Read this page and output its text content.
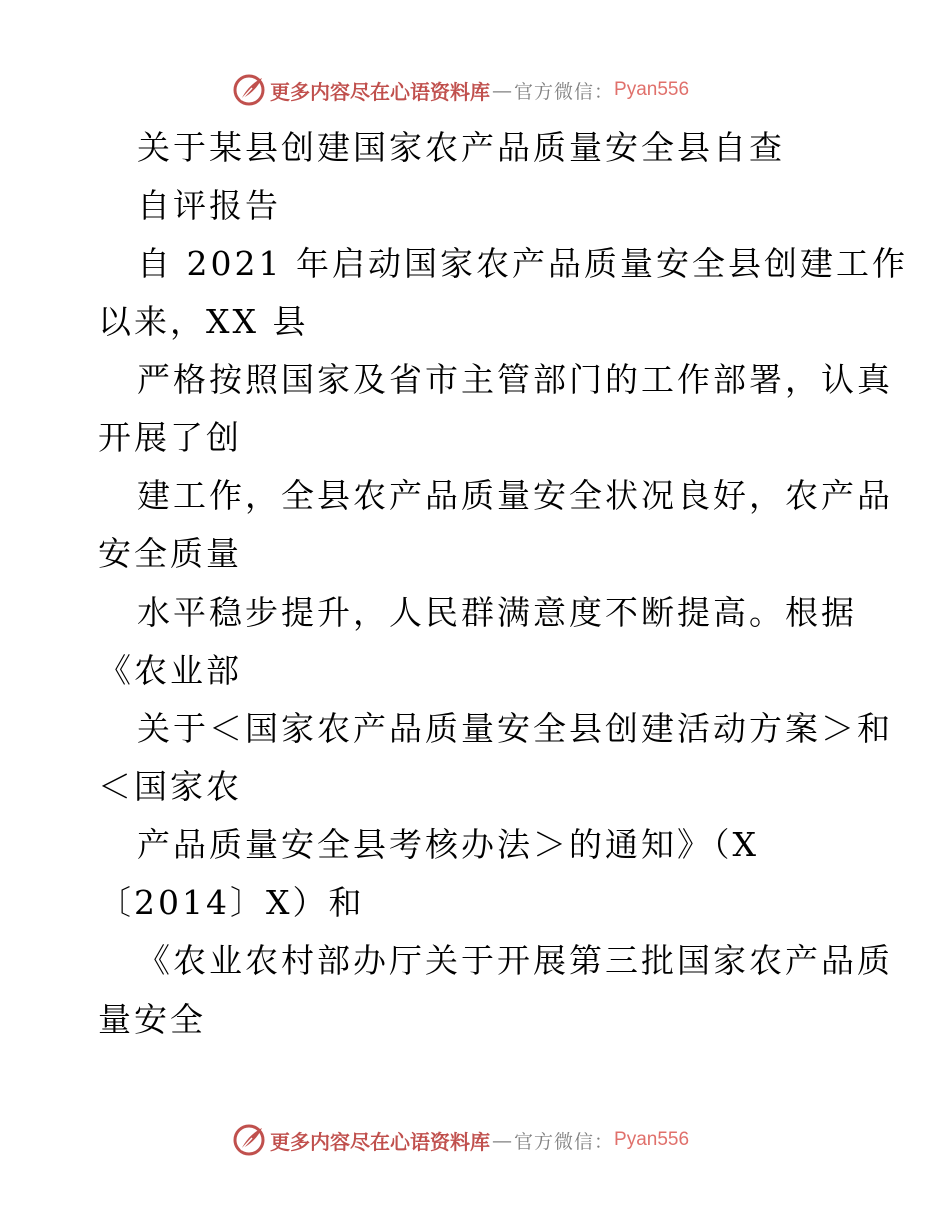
更多内容尽在心语资料库 — 官方微信： Pyan556
关于某县创建国家农产品质量安全县自查
自评报告
自 2021 年启动国家农产品质量安全县创建工作
以来，XX 县
严格按照国家及省市主管部门的工作部署，认真
开展了创
建工作，全县农产品质量安全状况良好，农产品
安全质量
水平稳步提升，人民群满意度不断提高。根据
《农业部
关于＜国家农产品质量安全县创建活动方案＞和
＜国家农
产品质量安全县考核办法＞的通知》（X
〔2014〕X）和
《农业农村部办厅关于开展第三批国家农产品质
量安全
更多内容尽在心语资料库 — 官方微信： Pyan556
